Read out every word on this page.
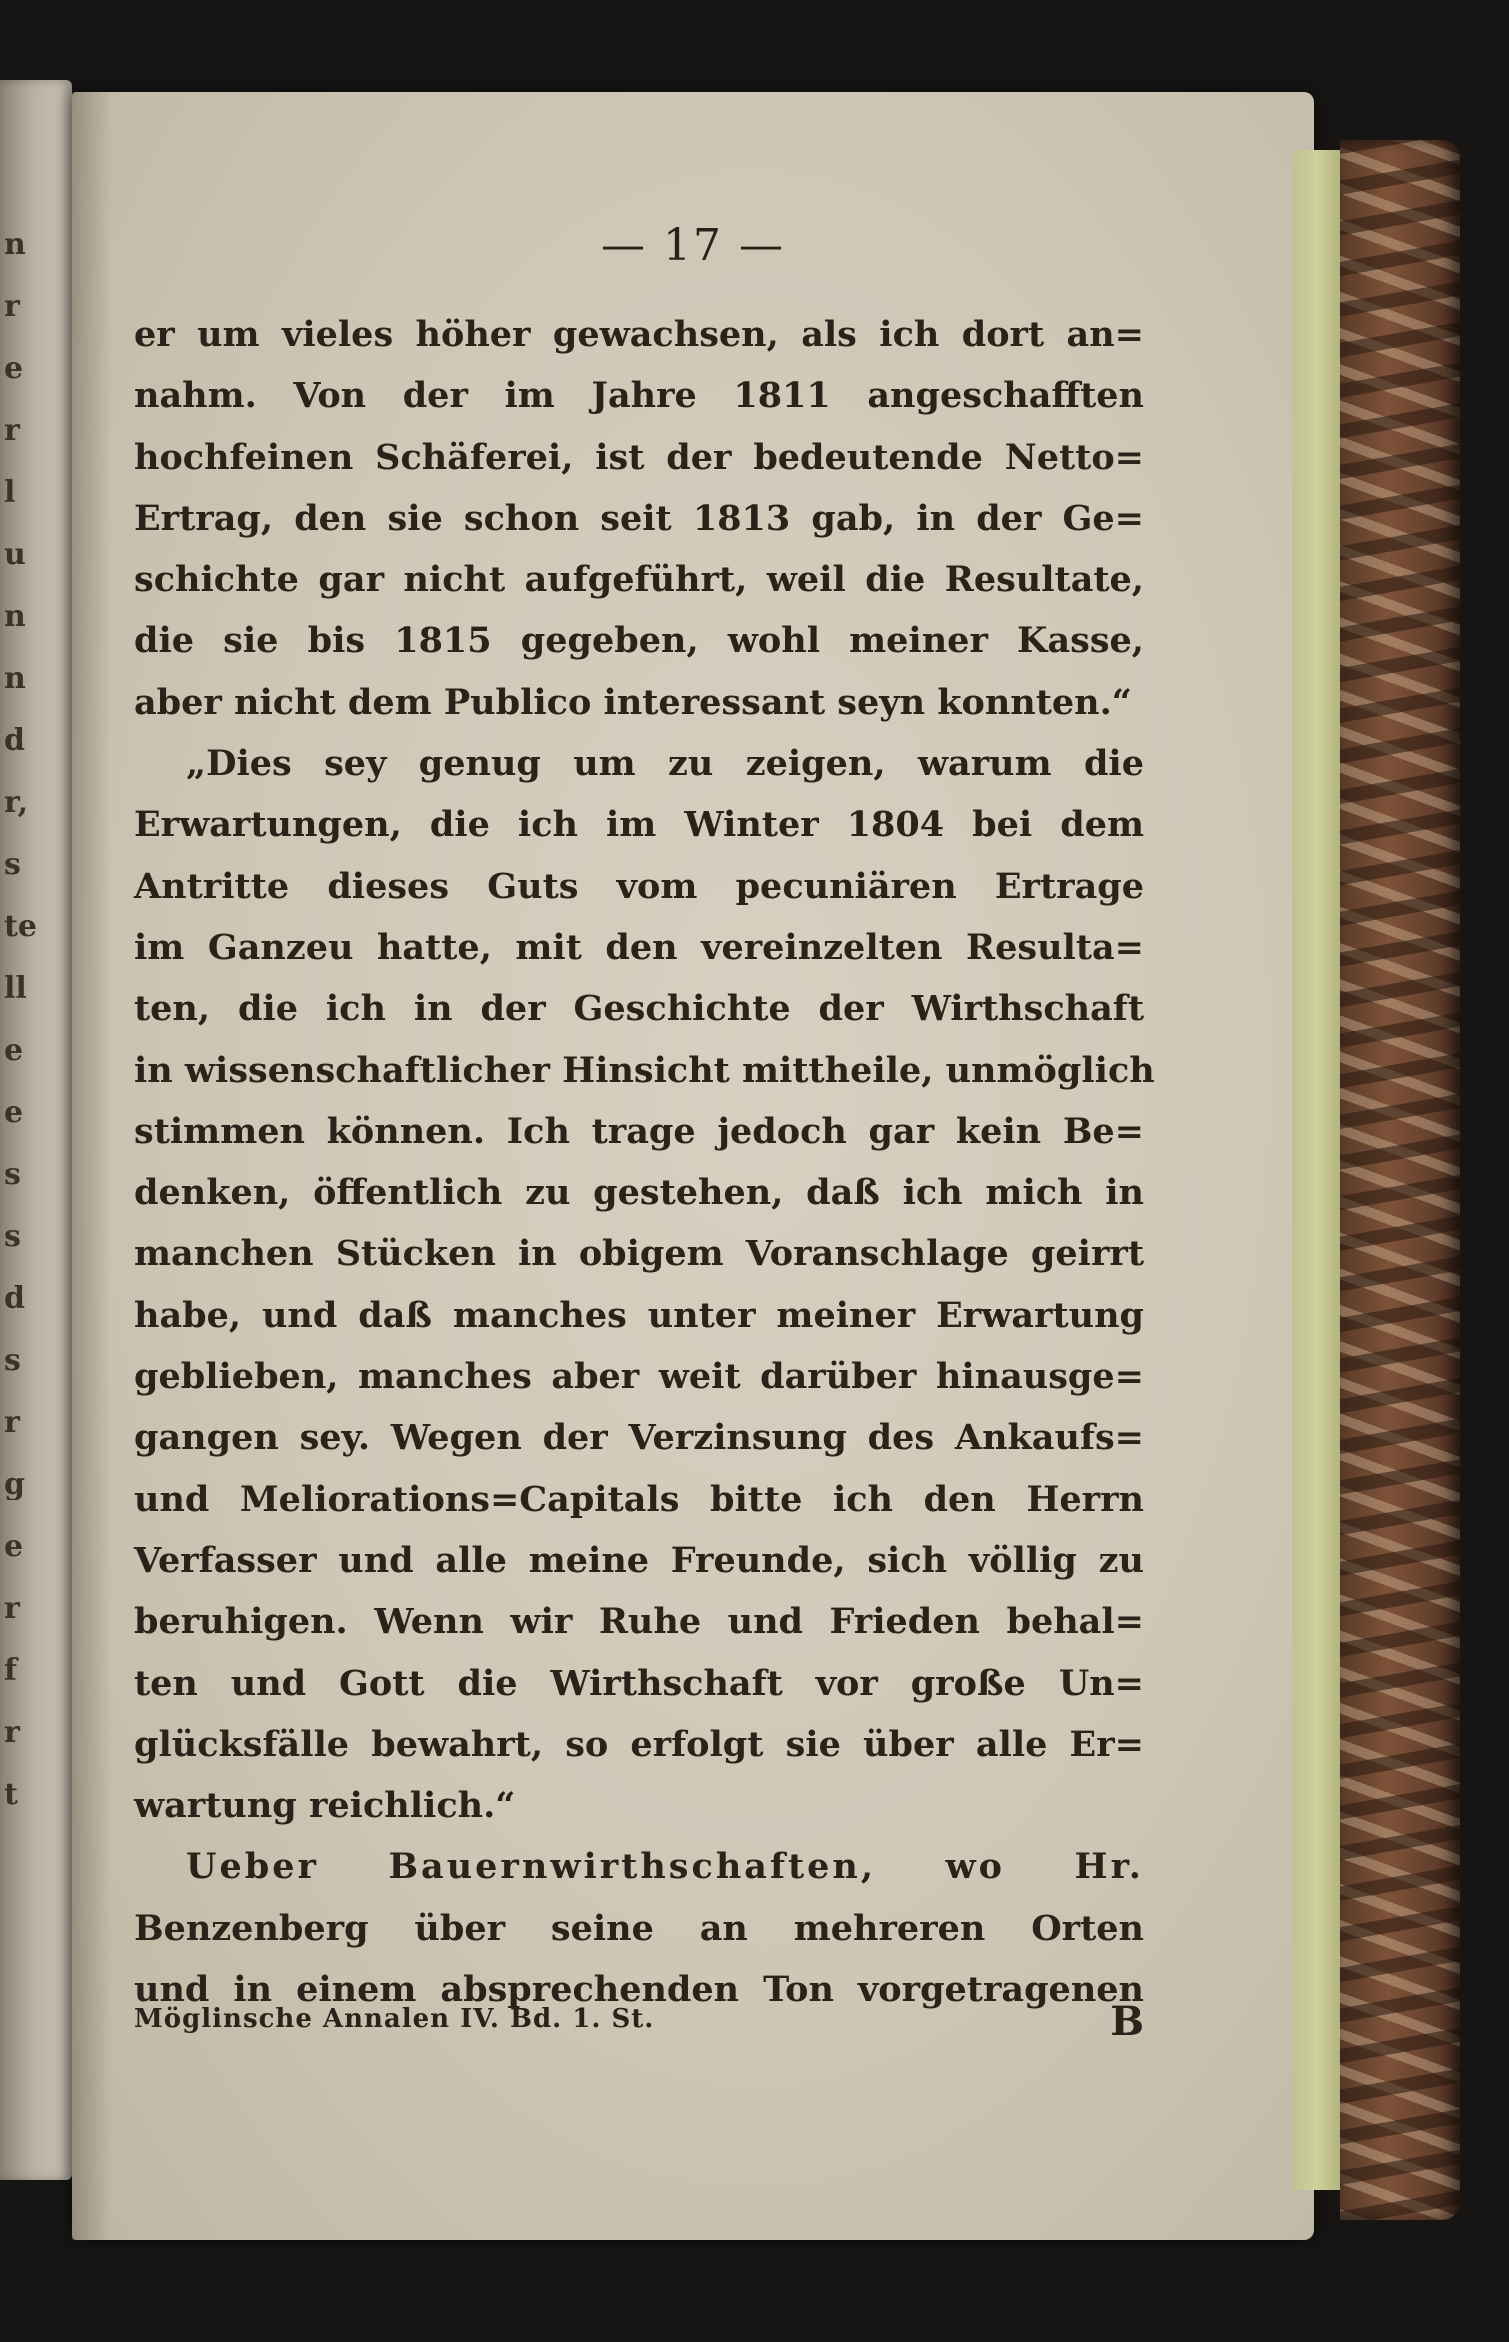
n
r
e
r
l
u
n
n
d
r,
s
te
ll
e
e
s
s
d
s
r
g
e
r
f
r
t
— 17 —
er um vieles höher gewachsen, als ich dort an=
nahm. Von der im Jahre 1811 angeschafften
hochfeinen Schäferei, ist der bedeutende Netto=
Ertrag, den sie schon seit 1813 gab, in der Ge=
schichte gar nicht aufgeführt, weil die Resultate,
die sie bis 1815 gegeben, wohl meiner Kasse,
aber nicht dem Publico interessant seyn konnten.“
„Dies sey genug um zu zeigen, warum die
Erwartungen, die ich im Winter 1804 bei dem
Antritte dieses Guts vom pecuniären Ertrage
im Ganzeu hatte, mit den vereinzelten Resulta=
ten, die ich in der Geschichte der Wirthschaft
in wissenschaftlicher Hinsicht mittheile, unmöglich
stimmen können. Ich trage jedoch gar kein Be=
denken, öffentlich zu gestehen, daß ich mich in
manchen Stücken in obigem Voranschlage geirrt
habe, und daß manches unter meiner Erwartung
geblieben, manches aber weit darüber hinausge=
gangen sey. Wegen der Verzinsung des Ankaufs=
und Meliorations=Capitals bitte ich den Herrn
Verfasser und alle meine Freunde, sich völlig zu
beruhigen. Wenn wir Ruhe und Frieden behal=
ten und Gott die Wirthschaft vor große Un=
glücksfälle bewahrt, so erfolgt sie über alle Er=
wartung reichlich.“
Ueber Bauernwirthschaften, wo Hr.
Benzenberg über seine an mehreren Orten
und in einem absprechenden Ton vorgetragenen
Möglinsche Annalen IV. Bd. 1. St.	B
